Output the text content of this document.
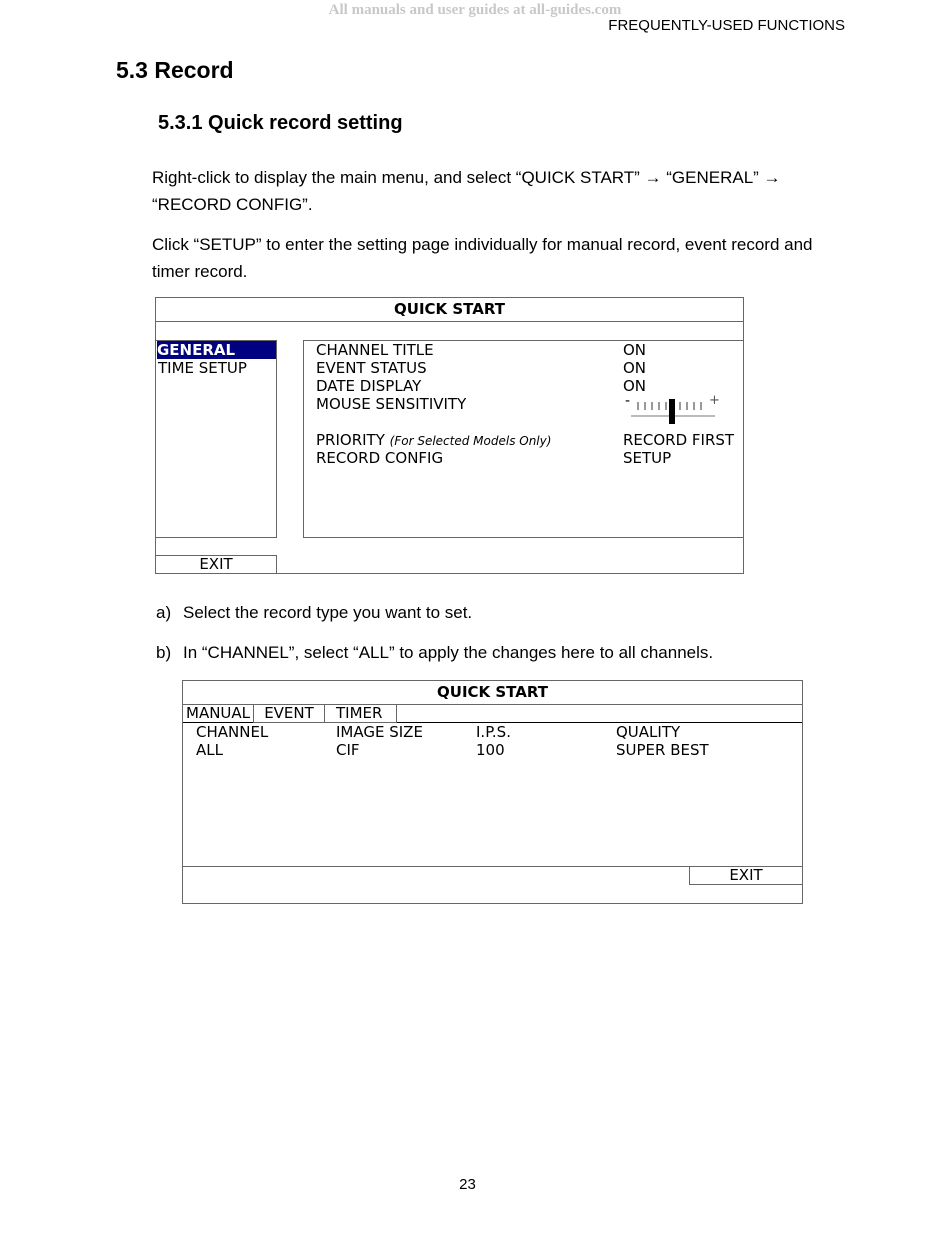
All manuals and user guides at all-guides.com
FREQUENTLY-USED FUNCTIONS
5.3 Record
5.3.1 Quick record setting
Right-click to display the main menu, and select “QUICK START” → “GENERAL” →
“RECORD CONFIG”.
Click “SETUP” to enter the setting page individually for manual record, event record and
timer record.
QUICK START
GENERAL
TIME SETUP
CHANNEL TITLE	ON
EVENT STATUS	ON
DATE DISPLAY	ON
MOUSE SENSITIVITY	-	+
PRIORITY (For Selected Models Only)	RECORD FIRST
RECORD CONFIG	SETUP
EXIT
a) Select the record type you want to set.
b) In “CHANNEL”, select “ALL” to apply the changes here to all channels.
QUICK START
MANUAL EVENT	TIMER
CHANNEL	IMAGE SIZE	I.P.S.	QUALITY
ALL	CIF	100	SUPER BEST
EXIT
23
